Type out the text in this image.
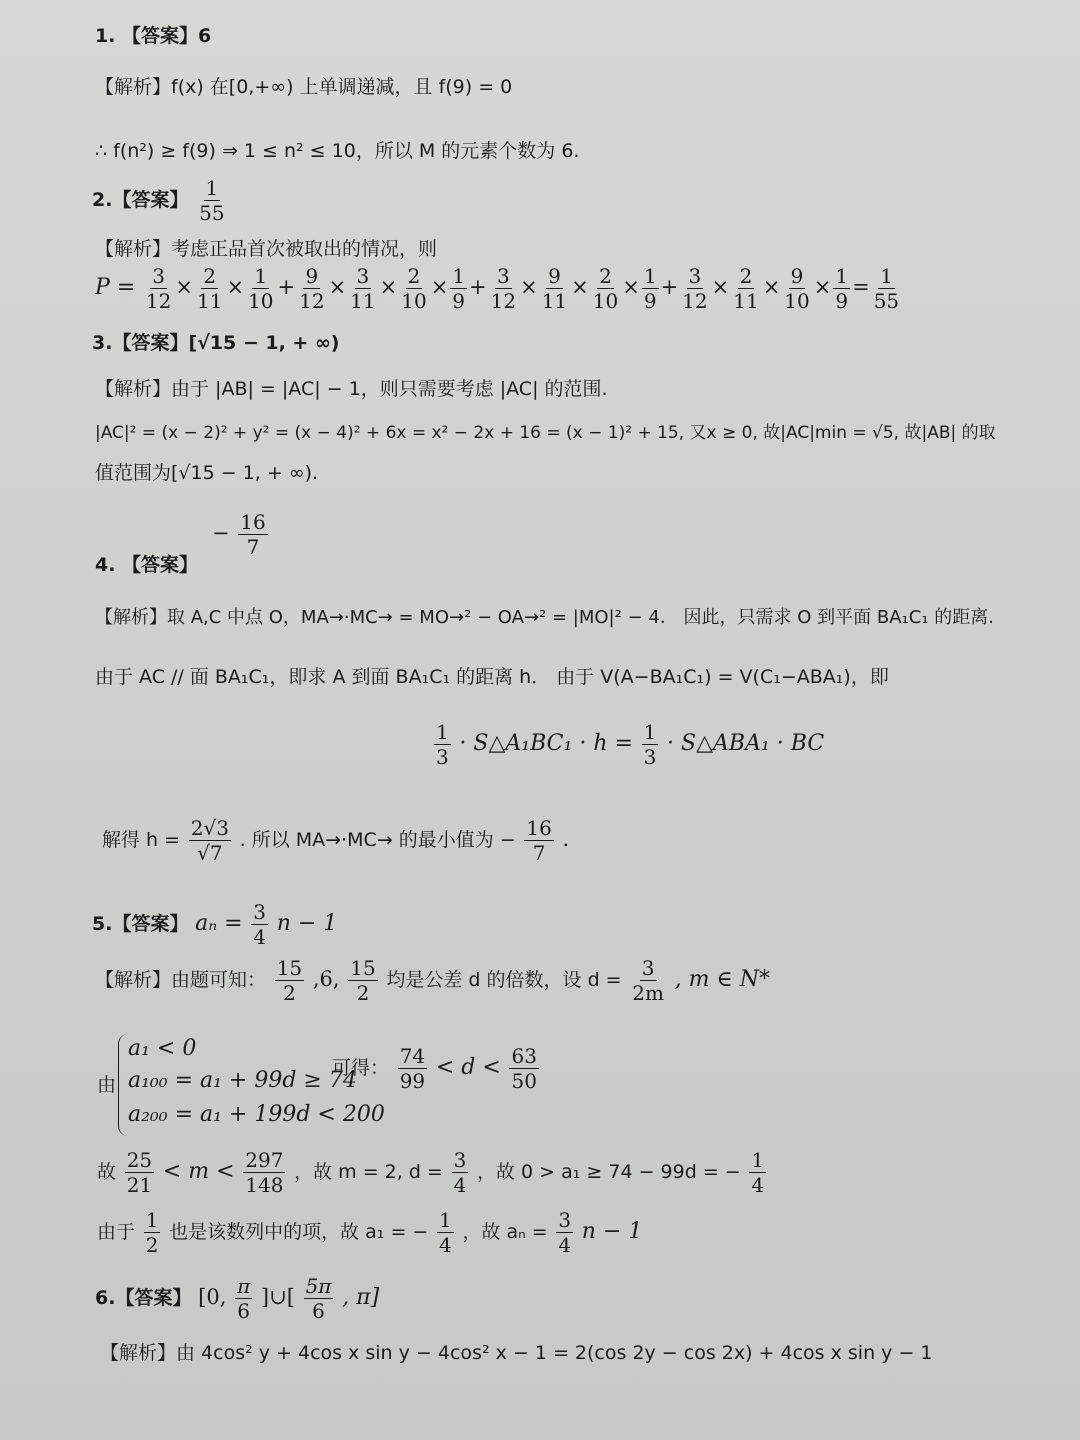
1. 【答案】6
【解析】f(x) 在[0,+∞) 上单调递减，且 f(9) = 0
∴ f(n²) ≥ f(9) ⇒ 1 ≤ n² ≤ 10，所以 M 的元素个数为 6.
2.【答案】 $\frac{1}{55}$
【解析】考虑正品首次被取出的情况，则
$P = \frac{3}{12} \times \frac{2}{11} \times \frac{1}{10} + \frac{9}{12} \times \frac{3}{11} \times \frac{2}{10} \times \frac{1}{9} + \frac{3}{12} \times \frac{9}{11} \times \frac{2}{10} \times \frac{1}{9} + \frac{3}{12} \times \frac{2}{11} \times \frac{9}{10} \times \frac{1}{9} = \frac{1}{55}$
3.【答案】[√15 − 1, + ∞)
【解析】由于 |AB| = |AC| − 1，则只需要考虑 |AC| 的范围.
|AC|² = (x − 2)² + y² = (x − 4)² + 6x = x² − 2x + 16 = (x − 1)² + 15, 又x ≥ 0, 故|AC|min = √5, 故|AB| 的取
值范围为[√15 − 1, + ∞).
− $\frac{16}{7}$
4. 【答案】
【解析】取 A,C 中点 O，MA→·MC→ = MO→² − OA→² = |MO|² − 4． 因此，只需求 O 到平面 BA₁C₁ 的距离.
由于 AC // 面 BA₁C₁，即求 A 到面 BA₁C₁ 的距离 h． 由于 V(A−BA₁C₁) = V(C₁−ABA₁)，即
$\frac{1}{3}$ · S△A₁BC₁ · $h = \frac{1}{3}$ · S△ABA₁ · BC
解得 $h = \frac{2√3}{√7}$ . 所以 MA→·MC→ 的最小值为 − $\frac{16}{7}$ .
5.【答案】 $a_n = \frac{3}{4}$ n − 1
【解析】由题可知： $\frac{15}{2} ,6$, $\frac{15}{2}$ 均是公差 d 的倍数，设 $d = \frac{3}{2m}$ , m ∈ N*
由
a₁ < 0
a₁₀₀ = a₁ + 99d ≥ 74
a₂₀₀ = a₁ + 199d < 200
可得： $\frac{74}{99} < d < \frac{63}{50}$
故 $\frac{25}{21} < m < \frac{297}{148}$ ，故 m = 2, $d = \frac{3}{4}$ ，故 0 > a₁ ≥ 74 − 99d = − $\frac{1}{4}$
由于 $\frac{1}{2}$ 也是该数列中的项，故 a₁ = − $\frac{1}{4}$ ，故 $a_n = \frac{3}{4}$ n − 1
6.【答案】 [0, $\frac{\pi}{6}$ ]∪[ $\frac{5\pi}{6}$ , π]
【解析】由 4cos² y + 4cos x sin y − 4cos² x − 1 = 2(cos 2y − cos 2x) + 4cos x sin y − 1
